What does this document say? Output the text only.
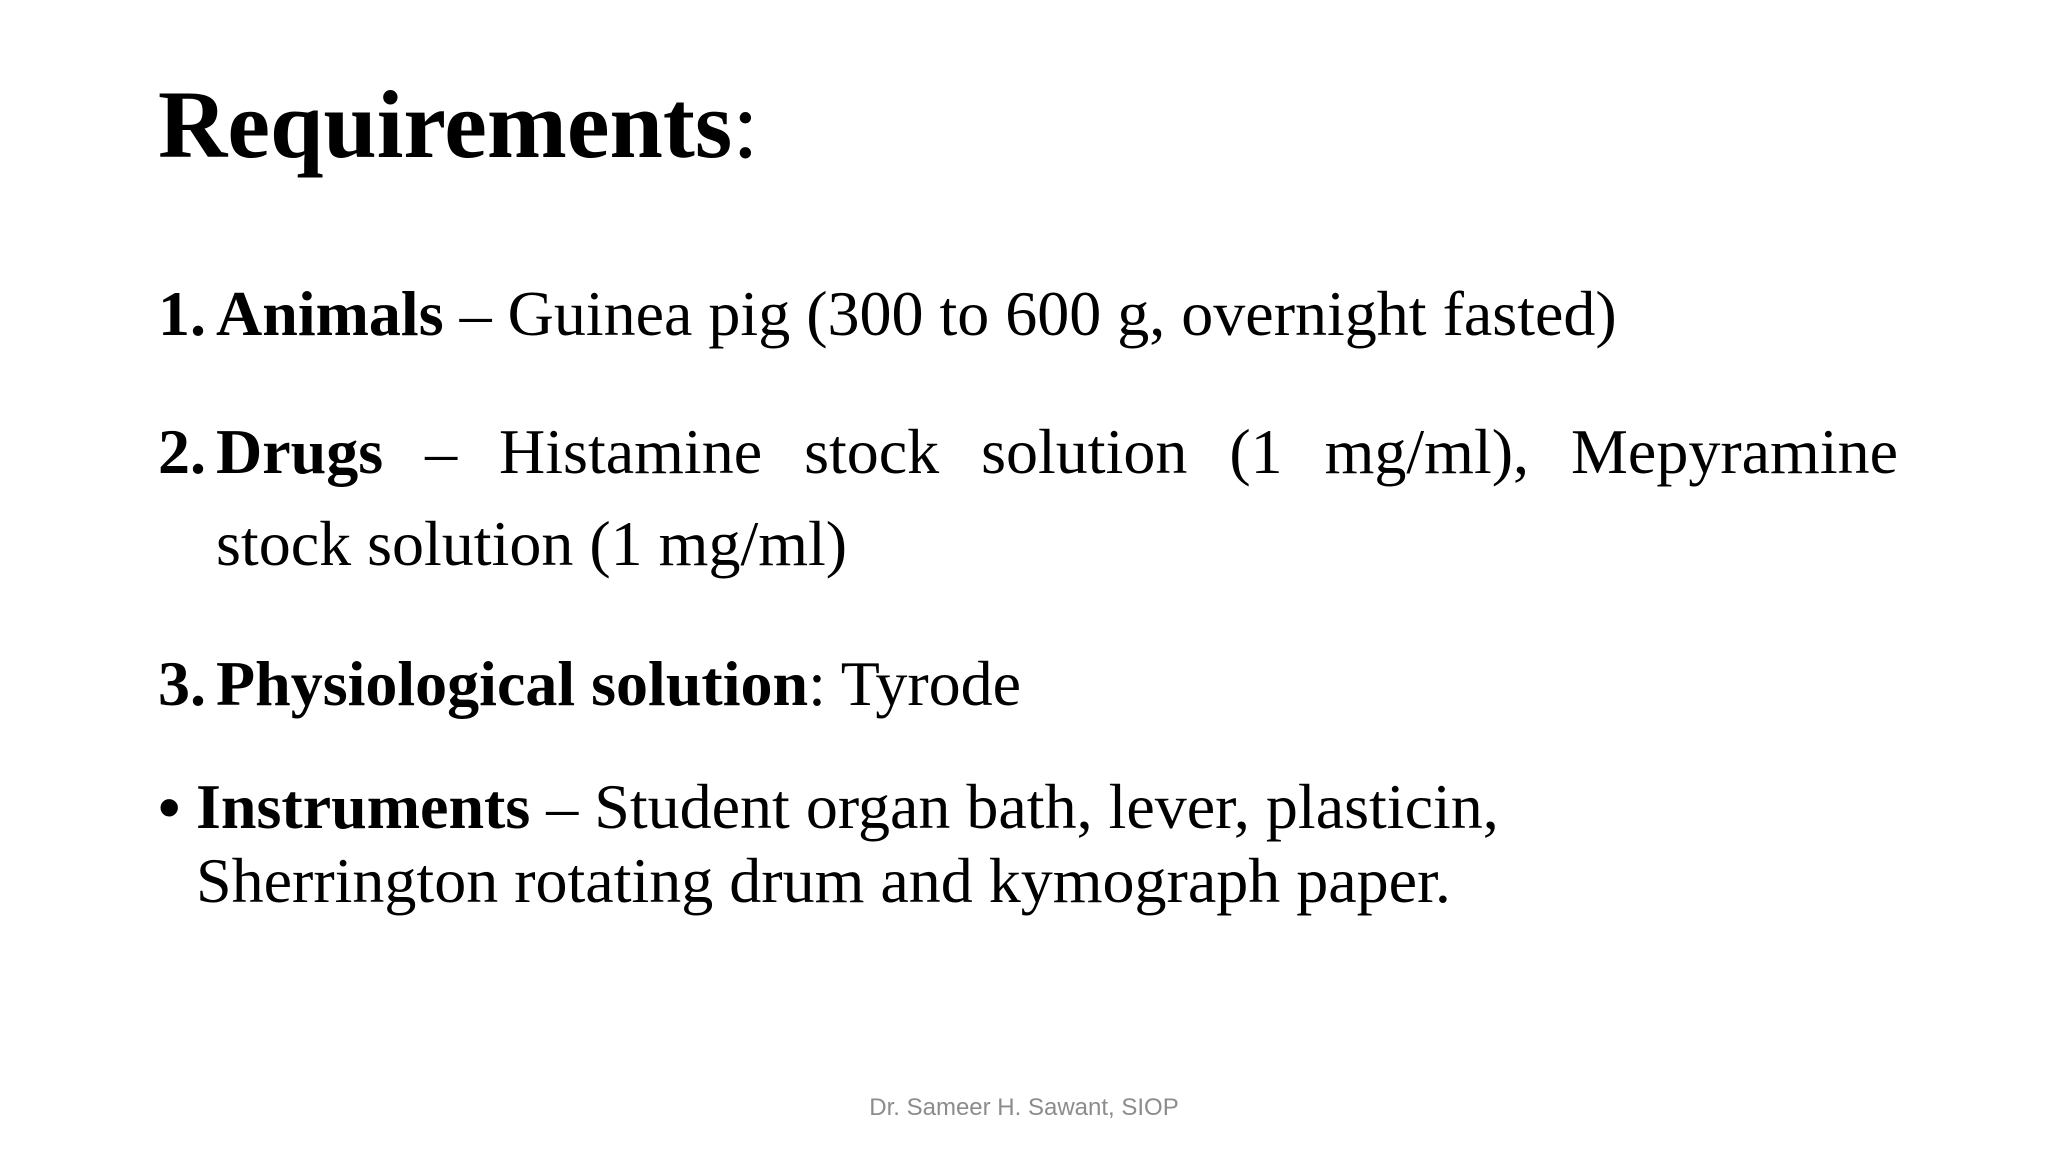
Requirements:
1. Animals – Guinea pig (300 to 600 g, overnight fasted)
2. Drugs – Histamine stock solution (1 mg/ml), Mepyramine
stock solution (1 mg/ml)
3. Physiological solution: Tyrode
• Instruments – Student organ bath, lever, plasticin,
Sherrington rotating drum and kymograph paper.
Dr. Sameer H. Sawant, SIOP
